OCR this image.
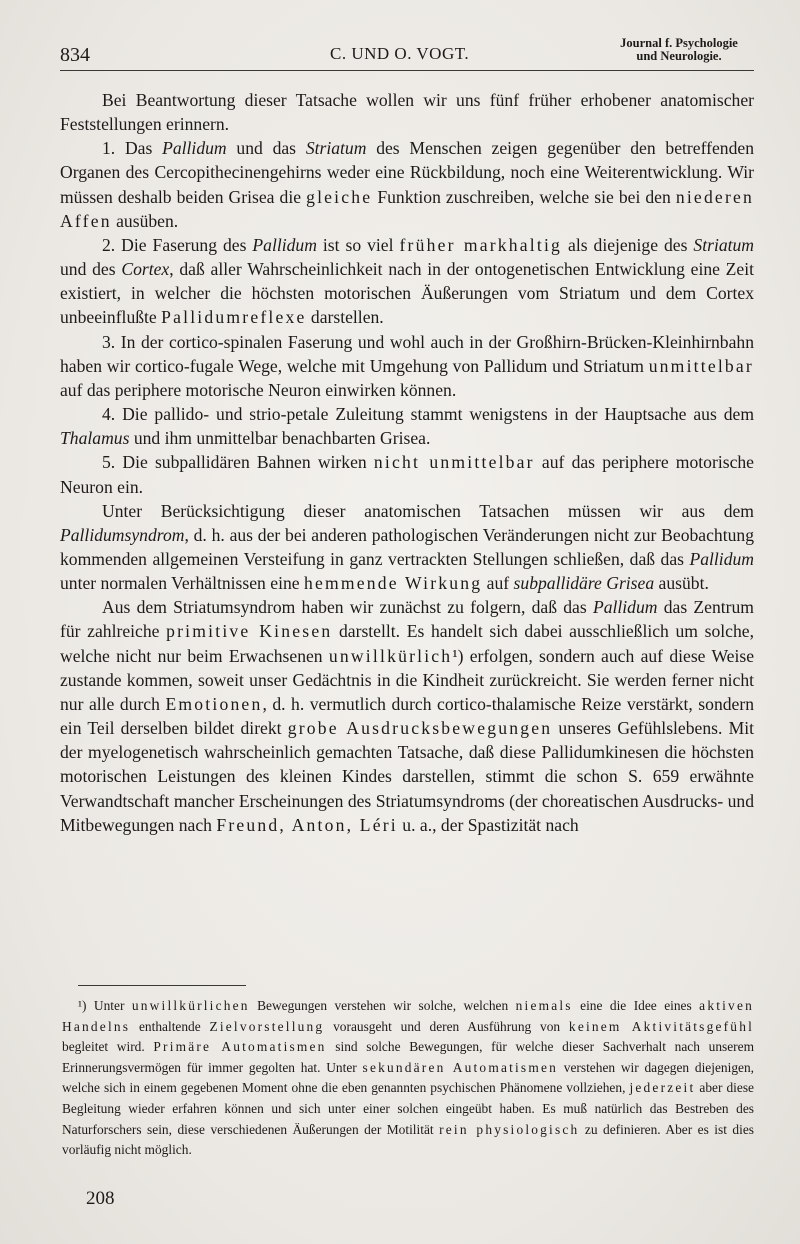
834	C. UND O. VOGT.
Journal f. Psychologie
und Neurologie.

Bei Beantwortung dieser Tatsache wollen wir uns fünf früher erhobener anatomischer Feststellungen erinnern.

1. Das Pallidum und das Striatum des Menschen zeigen gegenüber den betreffenden Organen des Cercopithecinengehirns weder eine Rückbildung, noch eine Weiterentwicklung. Wir müssen deshalb beiden Grisea die gleiche Funktion zuschreiben, welche sie bei den niederen Affen ausüben.

2. Die Faserung des Pallidum ist so viel früher markhaltig als diejenige des Striatum und des Cortex, daß aller Wahrscheinlichkeit nach in der ontogenetischen Entwicklung eine Zeit existiert, in welcher die höchsten motorischen Äußerungen vom Striatum und dem Cortex unbeeinflußte Pallidumreflexe darstellen.

3. In der cortico-spinalen Faserung und wohl auch in der Großhirn-Brücken-Kleinhirnbahn haben wir cortico-fugale Wege, welche mit Umgehung von Pallidum und Striatum unmittelbar auf das periphere motorische Neuron einwirken können.

4. Die pallido- und strio-petale Zuleitung stammt wenigstens in der Hauptsache aus dem Thalamus und ihm unmittelbar benachbarten Grisea.

5. Die subpallidären Bahnen wirken nicht unmittelbar auf das periphere motorische Neuron ein.

Unter Berücksichtigung dieser anatomischen Tatsachen müssen wir aus dem Pallidumsyndrom, d. h. aus der bei anderen pathologischen Veränderungen nicht zur Beobachtung kommenden allgemeinen Versteifung in ganz vertrackten Stellungen schließen, daß das Pallidum unter normalen Verhältnissen eine hemmende Wirkung auf subpallidäre Grisea ausübt.

Aus dem Striatumsyndrom haben wir zunächst zu folgern, daß das Pallidum das Zentrum für zahlreiche primitive Kinesen darstellt. Es handelt sich dabei ausschließlich um solche, welche nicht nur beim Erwachsenen unwillkürlich¹) erfolgen, sondern auch auf diese Weise zustande kommen, soweit unser Gedächtnis in die Kindheit zurückreicht. Sie werden ferner nicht nur alle durch Emotionen, d. h. vermutlich durch cortico-thalamische Reize verstärkt, sondern ein Teil derselben bildet direkt grobe Ausdrucksbewegungen unseres Gefühlslebens. Mit der myelogenetisch wahrscheinlich gemachten Tatsache, daß diese Pallidumkinesen die höchsten motorischen Leistungen des kleinen Kindes darstellen, stimmt die schon S. 659 erwähnte Verwandtschaft mancher Erscheinungen des Striatumsyndroms (der choreatischen Ausdrucks- und Mitbewegungen nach Freund, Anton, Léri u. a., der Spastizität nach

¹) Unter unwillkürlichen Bewegungen verstehen wir solche, welchen niemals eine die Idee eines aktiven Handelns enthaltende Zielvorstellung vorausgeht und deren Ausführung von keinem Aktivitätsgefühl begleitet wird. Primäre Automatismen sind solche Bewegungen, für welche dieser Sachverhalt nach unserem Erinnerungsvermögen für immer gegolten hat. Unter sekundären Automatismen verstehen wir dagegen diejenigen, welche sich in einem gegebenen Moment ohne die eben genannten psychischen Phänomene vollziehen, jederzeit aber diese Begleitung wieder erfahren können und sich unter einer solchen eingeübt haben. Es muß natürlich das Bestreben des Naturforschers sein, diese verschiedenen Äußerungen der Motilität rein physiologisch zu definieren. Aber es ist dies vorläufig nicht möglich.

208
